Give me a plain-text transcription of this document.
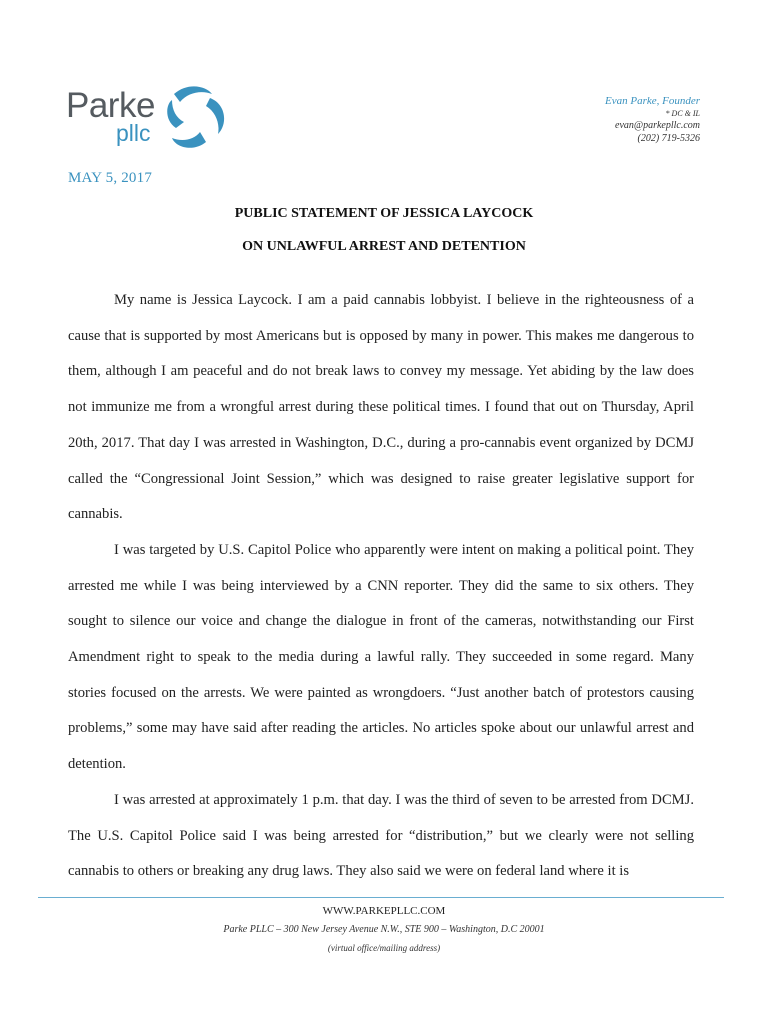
Parke
pllc
Evan Parke, Founder
* DC & IL
evan@parkepllc.com
(202) 719-5326
MAY 5, 2017
PUBLIC STATEMENT OF JESSICA LAYCOCK
ON UNLAWFUL ARREST AND DETENTION

My name is Jessica Laycock. I am a paid cannabis lobbyist. I believe in the righteousness of a cause that is supported by most Americans but is opposed by many in power. This makes me dangerous to them, although I am peaceful and do not break laws to convey my message. Yet abiding by the law does not immunize me from a wrongful arrest during these political times. I found that out on Thursday, April 20th, 2017. That day I was arrested in Washington, D.C., during a pro-cannabis event organized by DCMJ called the “Congressional Joint Session,” which was designed to raise greater legislative support for cannabis.

I was targeted by U.S. Capitol Police who apparently were intent on making a political point. They arrested me while I was being interviewed by a CNN reporter. They did the same to six others. They sought to silence our voice and change the dialogue in front of the cameras, notwithstanding our First Amendment right to speak to the media during a lawful rally. They succeeded in some regard. Many stories focused on the arrests. We were painted as wrongdoers. “Just another batch of protestors causing problems,” some may have said after reading the articles. No articles spoke about our unlawful arrest and detention.

I was arrested at approximately 1 p.m. that day. I was the third of seven to be arrested from DCMJ. The U.S. Capitol Police said I was being arrested for “distribution,” but we clearly were not selling cannabis to others or breaking any drug laws. They also said we were on federal land where it is

WWW.PARKEPLLC.COM
Parke PLLC – 300 New Jersey Avenue N.W., STE 900 – Washington, D.C 20001
(virtual office/mailing address)
